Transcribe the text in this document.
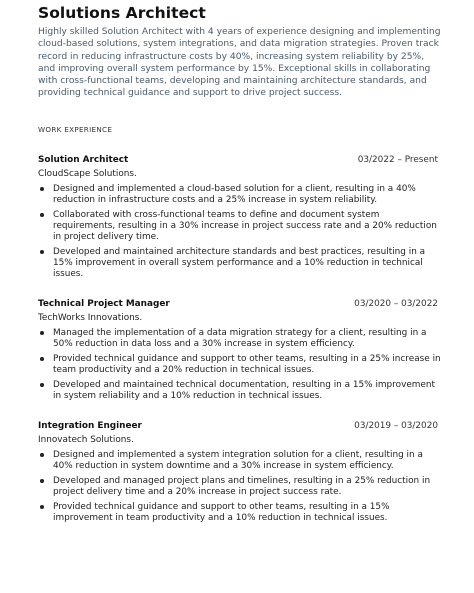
Solutions Architect

Highly skilled Solution Architect with 4 years of experience designing and implementing cloud-based solutions, system integrations, and data migration strategies. Proven track record in reducing infrastructure costs by 40%, increasing system reliability by 25%, and improving overall system performance by 15%. Exceptional skills in collaborating with cross-functional teams, developing and maintaining architecture standards, and providing technical guidance and support to drive project success.

WORK EXPERIENCE
Solution Architect	03/2022 – Present
CloudScape Solutions.
Designed and implemented a cloud-based solution for a client, resulting in a 40% reduction in infrastructure costs and a 25% increase in system reliability.
Collaborated with cross-functional teams to define and document system requirements, resulting in a 30% increase in project success rate and a 20% reduction in project delivery time.
Developed and maintained architecture standards and best practices, resulting in a 15% improvement in overall system performance and a 10% reduction in technical issues.
Technical Project Manager	03/2020 – 03/2022
TechWorks Innovations.
Managed the implementation of a data migration strategy for a client, resulting in a 50% reduction in data loss and a 30% increase in system efficiency.
Provided technical guidance and support to other teams, resulting in a 25% increase in team productivity and a 20% reduction in technical issues.
Developed and maintained technical documentation, resulting in a 15% improvement in system reliability and a 10% reduction in technical issues.
Integration Engineer	03/2019 – 03/2020
Innovatech Solutions.
Designed and implemented a system integration solution for a client, resulting in a 40% reduction in system downtime and a 30% increase in system efficiency.
Developed and managed project plans and timelines, resulting in a 25% reduction in project delivery time and a 20% increase in project success rate.
Provided technical guidance and support to other teams, resulting in a 15% improvement in team productivity and a 10% reduction in technical issues.
